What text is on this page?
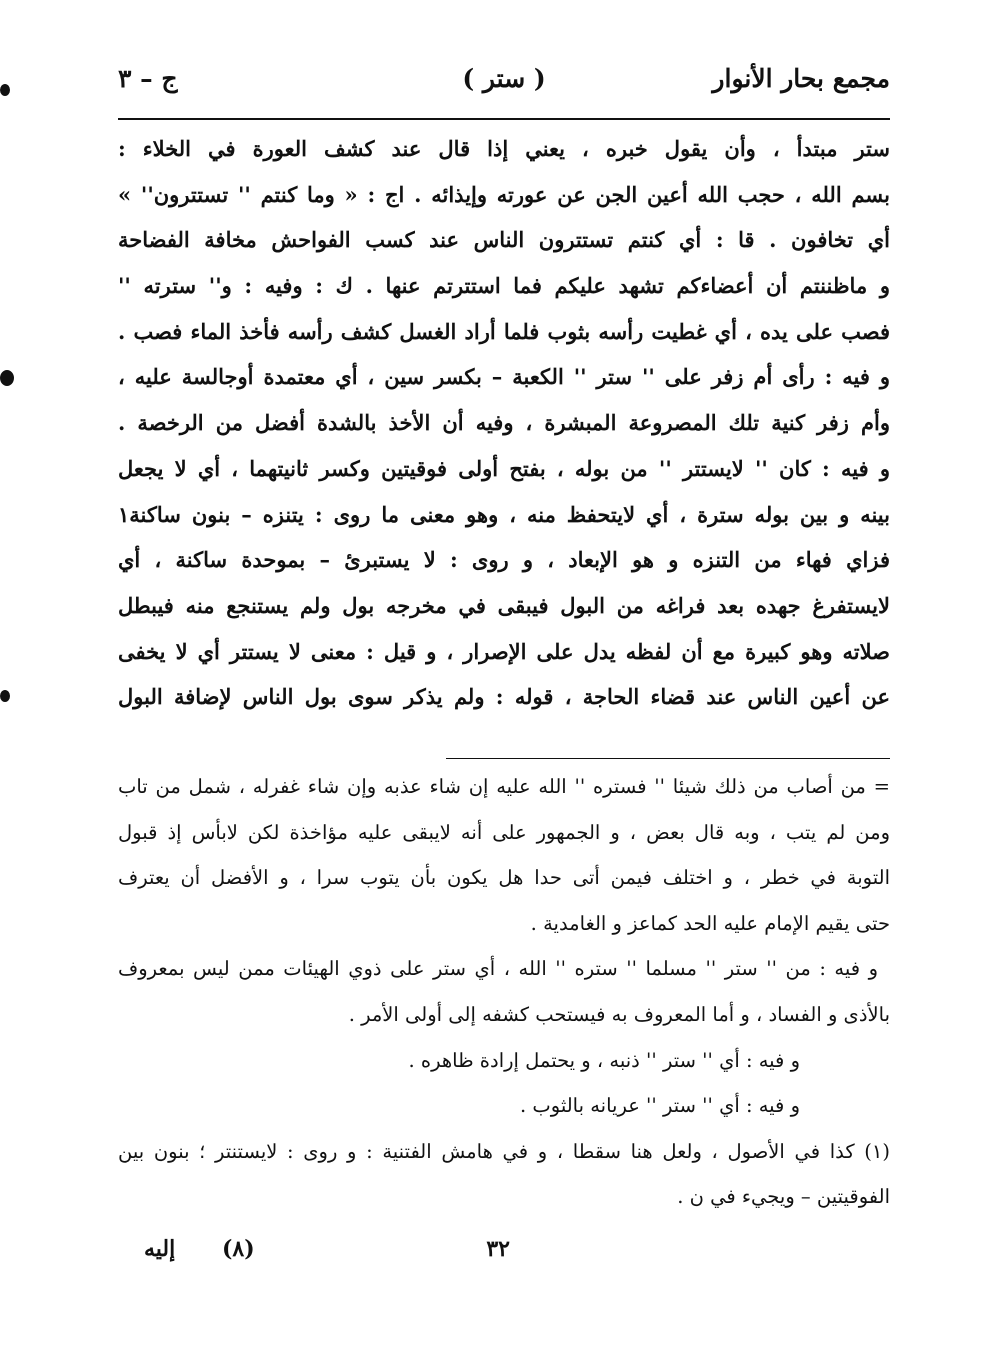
مجمع بحار الأنوار
( ستر )
ج – ٣
ستر مبتدأ ، وأن يقول خبره ، يعني إذا قال عند كشف العورة في الخلاء :
بسم الله ، حجب الله أعين الجن عن عورته وإيذائه . اج : « وما كنتم '' تستترون'' »
أي تخافون . قا : أي كنتم تستترون الناس عند كسب الفواحش مخافة الفضاحة
و ماظننتم أن أعضاءكم تشهد عليكم فما استترتم عنها . ك : وفيه : و'' سترته ''
فصب على يده ، أي غطيت رأسه بثوب فلما أراد الغسل كشف رأسه فأخذ الماء فصب .
و فيه : رأى أم زفر على '' ستر '' الكعبة – بكسر سين ، أي معتمدة أوجالسة عليه ،
وأم زفر كنية تلك المصروعة المبشرة ، وفيه أن الأخذ بالشدة أفضل من الرخصة .
و فيه : كان '' لايستتر '' من بوله ، بفتح أولى فوقيتين وكسر ثانيتهما ، أي لا يجعل
بينه و بين بوله سترة ، أي لايتحفظ منه ، وهو معنى ما روى : يتنزه – بنون ساكنة١
فزاي فهاء من التنزه و هو الإبعاد ، و روى : لا يستبرئ – بموحدة ساكنة ، أي
لايستفرغ جهده بعد فراغه من البول فيبقى في مخرجه بول ولم يستنجع منه فيبطل
صلاته وهو كبيرة مع أن لفظه يدل على الإصرار ، و قيل : معنى لا يستتر أي لا يخفى
عن أعين الناس عند قضاء الحاجة ، قوله : ولم يذكر سوى بول الناس لإضافة البول
= من أصاب من ذلك شيئا '' فستره '' الله عليه إن شاء عذبه وإن شاء غفرله ، شمل من تاب
ومن لم يتب ، وبه قال بعض ، و الجمهور على أنه لايبقى عليه مؤاخذة لكن لابأس إذ قبول
التوبة في خطر ، و اختلف فيمن أتى حدا هل يكون بأن يتوب سرا ، و الأفضل أن يعترف
حتى يقيم الإمام عليه الحد كماعز و الغامدية .
و فيه : من '' ستر '' مسلما '' ستره '' الله ، أي ستر على ذوي الهيئات ممن ليس بمعروف
بالأذى و الفساد ، و أما المعروف به فيستحب كشفه إلى أولى الأمر .
و فيه : أي '' ستر '' ذنبه ، و يحتمل إرادة ظاهره .
و فيه : أي '' ستر '' عريانه بالثوب .
(١) كذا في الأصول ، ولعل هنا سقطا ، و في هامش الفتنية : و روى : لايستنتر ؛ بنون بين
الفوقيتين – ويجيء في ن .
٣٢
(٨)
إليه
